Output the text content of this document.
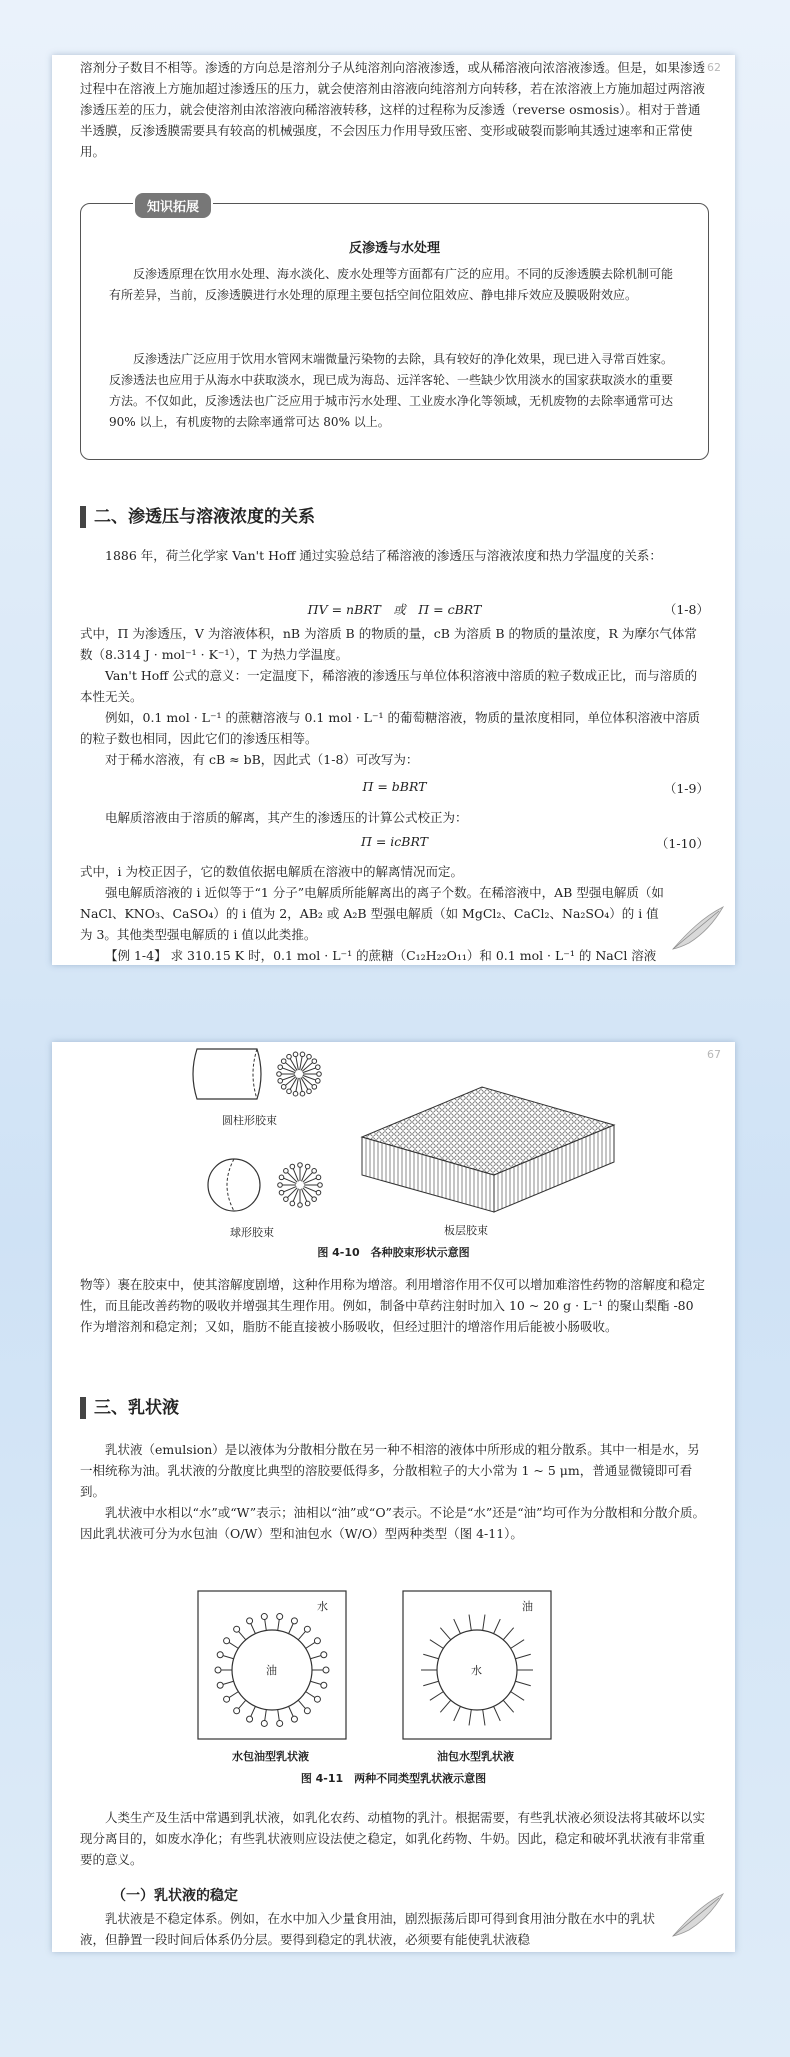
62

溶剂分子数目不相等。渗透的方向总是溶剂分子从纯溶剂向溶液渗透，或从稀溶液向浓溶液渗透。但是，如果渗透过程中在溶液上方施加超过渗透压的压力，就会使溶剂由溶液向纯溶剂方向转移，若在浓溶液上方施加超过两溶液渗透压差的压力，就会使溶剂由浓溶液向稀溶液转移，这样的过程称为反渗透（reverse osmosis）。相对于普通半透膜，反渗透膜需要具有较高的机械强度，不会因压力作用导致压密、变形或破裂而影响其透过速率和正常使用。

知识拓展
反渗透与水处理

反渗透原理在饮用水处理、海水淡化、废水处理等方面都有广泛的应用。不同的反渗透膜去除机制可能有所差异，当前，反渗透膜进行水处理的原理主要包括空间位阻效应、静电排斥效应及膜吸附效应。

反渗透法广泛应用于饮用水管网末端微量污染物的去除，具有较好的净化效果，现已进入寻常百姓家。反渗透法也应用于从海水中获取淡水，现已成为海岛、远洋客轮、一些缺少饮用淡水的国家获取淡水的重要方法。不仅如此，反渗透法也广泛应用于城市污水处理、工业废水净化等领域，无机废物的去除率通常可达 90% 以上，有机废物的去除率通常可达 80% 以上。

二、渗透压与溶液浓度的关系

1886 年，荷兰化学家 Van't Hoff 通过实验总结了稀溶液的渗透压与溶液浓度和热力学温度的关系：

ΠV = nBRT　或　Π = cBRT	（1-8）

式中，Π 为渗透压，V 为溶液体积，nB 为溶质 B 的物质的量，cB 为溶质 B 的物质的量浓度，R 为摩尔气体常数（8.314 J · mol⁻¹ · K⁻¹），T 为热力学温度。

Van't Hoff 公式的意义：一定温度下，稀溶液的渗透压与单位体积溶液中溶质的粒子数成正比，而与溶质的本性无关。

例如，0.1 mol · L⁻¹ 的蔗糖溶液与 0.1 mol · L⁻¹ 的葡萄糖溶液，物质的量浓度相同，单位体积溶液中溶质的粒子数也相同，因此它们的渗透压相等。

对于稀水溶液，有 cB ≈ bB，因此式（1-8）可改写为：

Π = bBRT	（1-9）

电解质溶液由于溶质的解离，其产生的渗透压的计算公式校正为：

Π = icBRT	（1-10）

式中，i 为校正因子，它的数值依据电解质在溶液中的解离情况而定。

强电解质溶液的 i 近似等于“1 分子”电解质所能解离出的离子个数。在稀溶液中，AB 型强电解质（如 NaCl、KNO₃、CaSO₄）的 i 值为 2，AB₂ 或 A₂B 型强电解质（如 MgCl₂、CaCl₂、Na₂SO₄）的 i 值为 3。其他类型强电解质的 i 值以此类推。

【例 1-4】 求 310.15 K 时，0.1 mol · L⁻¹ 的蔗糖（C₁₂H₂₂O₁₁）和 0.1 mol · L⁻¹ 的 NaCl 溶液

67
圆柱形胶束
球形胶束	板层胶束
图 4-10　各种胶束形状示意图

物等）裹在胶束中，使其溶解度剧增，这种作用称为增溶。利用增溶作用不仅可以增加难溶性药物的溶解度和稳定性，而且能改善药物的吸收并增强其生理作用。例如，制备中草药注射时加入 10 ~ 20 g · L⁻¹ 的聚山梨酯 -80 作为增溶剂和稳定剂；又如，脂肪不能直接被小肠吸收，但经过胆汁的增溶作用后能被小肠吸收。

三、乳状液

乳状液（emulsion）是以液体为分散相分散在另一种不相溶的液体中所形成的粗分散系。其中一相是水，另一相统称为油。乳状液的分散度比典型的溶胶要低得多，分散相粒子的大小常为 1 ~ 5 μm，普通显微镜即可看到。

乳状液中水相以“水”或“W”表示；油相以“油”或“O”表示。不论是“水”还是“油”均可作为分散相和分散介质。因此乳状液可分为水包油（O/W）型和油包水（W/O）型两种类型（图 4-11）。

水
油
水包油型乳状液
油
水
油包水型乳状液
图 4-11　两种不同类型乳状液示意图

人类生产及生活中常遇到乳状液，如乳化农药、动植物的乳汁。根据需要，有些乳状液必须设法将其破坏以实现分离目的，如废水净化；有些乳状液则应设法使之稳定，如乳化药物、牛奶。因此，稳定和破坏乳状液有非常重要的意义。

（一）乳状液的稳定

乳状液是不稳定体系。例如，在水中加入少量食用油，剧烈振荡后即可得到食用油分散在水中的乳状液，但静置一段时间后体系仍分层。要得到稳定的乳状液，必须要有能使乳状液稳
